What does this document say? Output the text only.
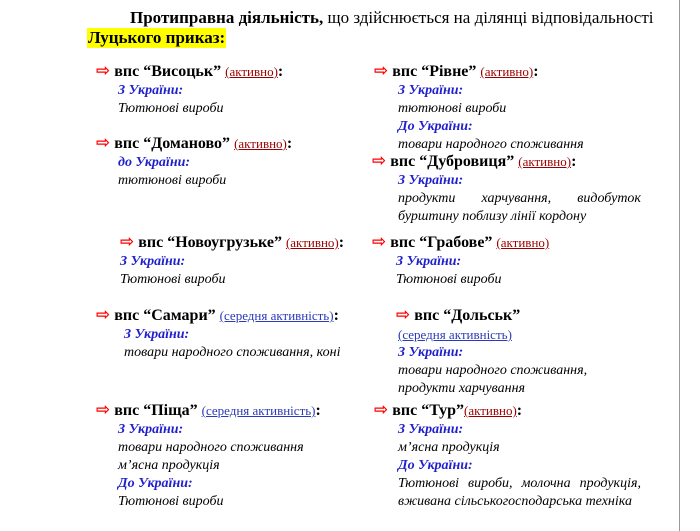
Протиправна діяльність, що здійснюється на ділянці відповідальності
Луцького приказ:
⇨ впс “Висоцьк” (активно):
З України:
Тютюнові вироби
⇨ впс “Рівне” (активно):
З України:
тютюнові вироби
До України:
товари народного споживання
⇨ впс “Доманово” (активно):
до України:
тютюнові вироби
⇨ впс “Дубровиця” (активно):
З України:
продукти харчування, видобуток
бурштину поблизу лінії кордону
⇨ впс “Новоугрузьке” (активно):
З України:
Тютюнові вироби
⇨ впс “Грабове” (активно)
З України:
Тютюнові вироби
⇨ впс “Самари” (середня активність):
З України:
товари народного споживання, коні
⇨ впс “Дольськ”
(середня активність)
З України:
товари народного споживання,
продукти харчування
⇨ впс “Піща” (середня активність):
З України:
товари народного споживання
м’ясна продукція
До України:
Тютюнові вироби
⇨ впс “Тур”(активно):
З України:
м’ясна продукція
До України:
Тютюнові вироби, молочна продукція,
вживана сільськогосподарська техніка
